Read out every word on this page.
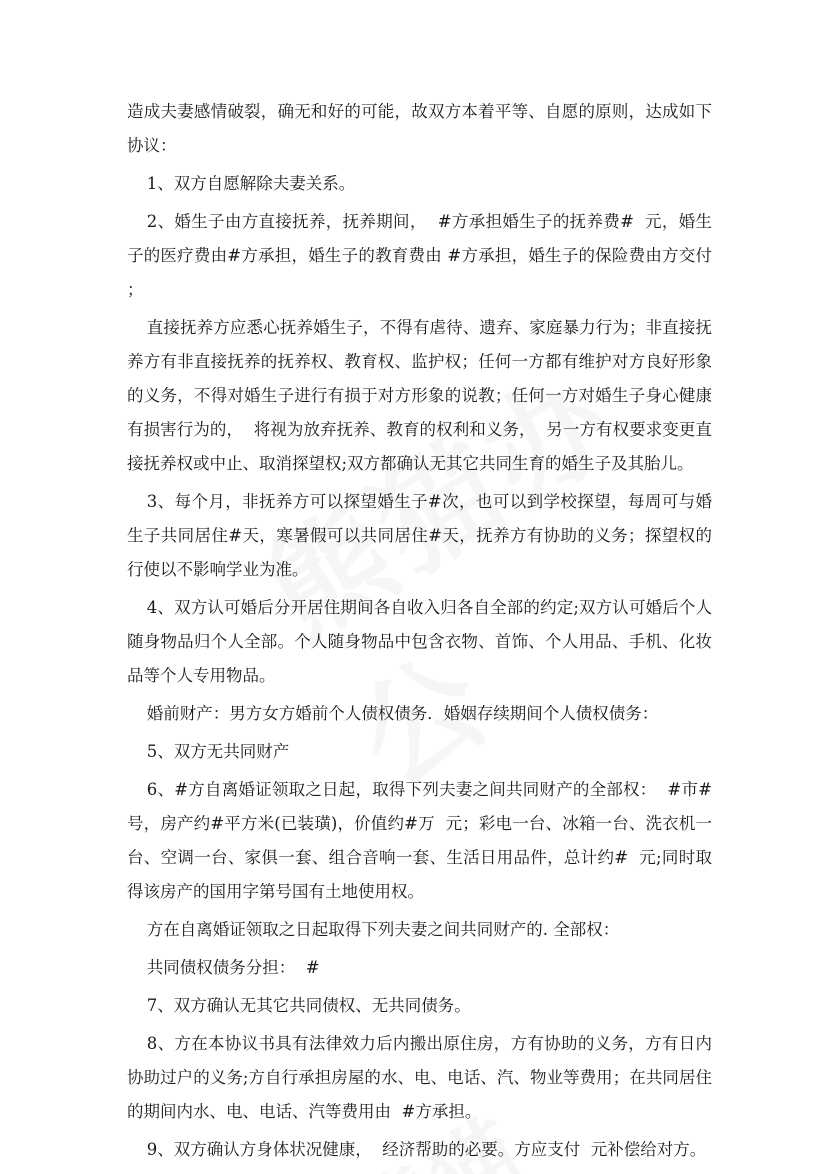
造成夫妻感情破裂，确无和好的可能，故双方本着平等、自愿的原则，达成如下协议：

1、双方自愿解除夫妻关系。

2、婚生子由方直接抚养，抚养期间，  #方承担婚生子的抚养费#  元，婚生子的医疗费由#方承担，婚生子的教育费由 #方承担，婚生子的保险费由方交付 ；

直接抚养方应悉心抚养婚生子，不得有虐待、遗弃、家庭暴力行为；非直接抚养方有非直接抚养的抚养权、教育权、监护权；任何一方都有维护对方良好形象的义务，不得对婚生子进行有损于对方形象的说教；任何一方对婚生子身心健康有损害行为的，  将视为放弃抚养、教育的权利和义务，  另一方有权要求变更直接抚养权或中止、取消探望权;双方都确认无其它共同生育的婚生子及其胎儿。

3、每个月，非抚养方可以探望婚生子#次，也可以到学校探望，每周可与婚生子共同居住#天，寒暑假可以共同居住#天，抚养方有协助的义务；探望权的行使以不影响学业为准。

4、双方认可婚后分开居住期间各自收入归各自全部的约定;双方认可婚后个人随身物品归个人全部。个人随身物品中包含衣物、首饰、个人用品、手机、化妆品等个人专用物品。

婚前财产：男方女方婚前个人债权债务．婚姻存续期间个人债权债务：

5、双方无共同财产

6、#方自离婚证领取之日起，取得下列夫妻之间共同财产的全部权：  #市#号，房产约#平方米(已装璜)，价值约#万  元；彩电一台、冰箱一台、洗衣机一台、空调一台、家俱一套、组合音响一套、生活日用品件，总计约#  元;同时取得该房产的国用字第号国有土地使用权。

方在自离婚证领取之日起取得下列夫妻之间共同财产的. 全部权：

共同债权债务分担：  #

7、双方确认无其它共同债权、无共同债务。

8、方在本协议书具有法律效力后内搬出原住房，方有协助的义务，方有日内协助过户的义务;方自行承担房屋的水、电、电话、汽、物业等费用；在共同居住的期间内水、电、电话、汽等费用由  #方承担。

9、双方确认方身体状况健康，  经济帮助的必要。方应支付  元补偿给对方。
